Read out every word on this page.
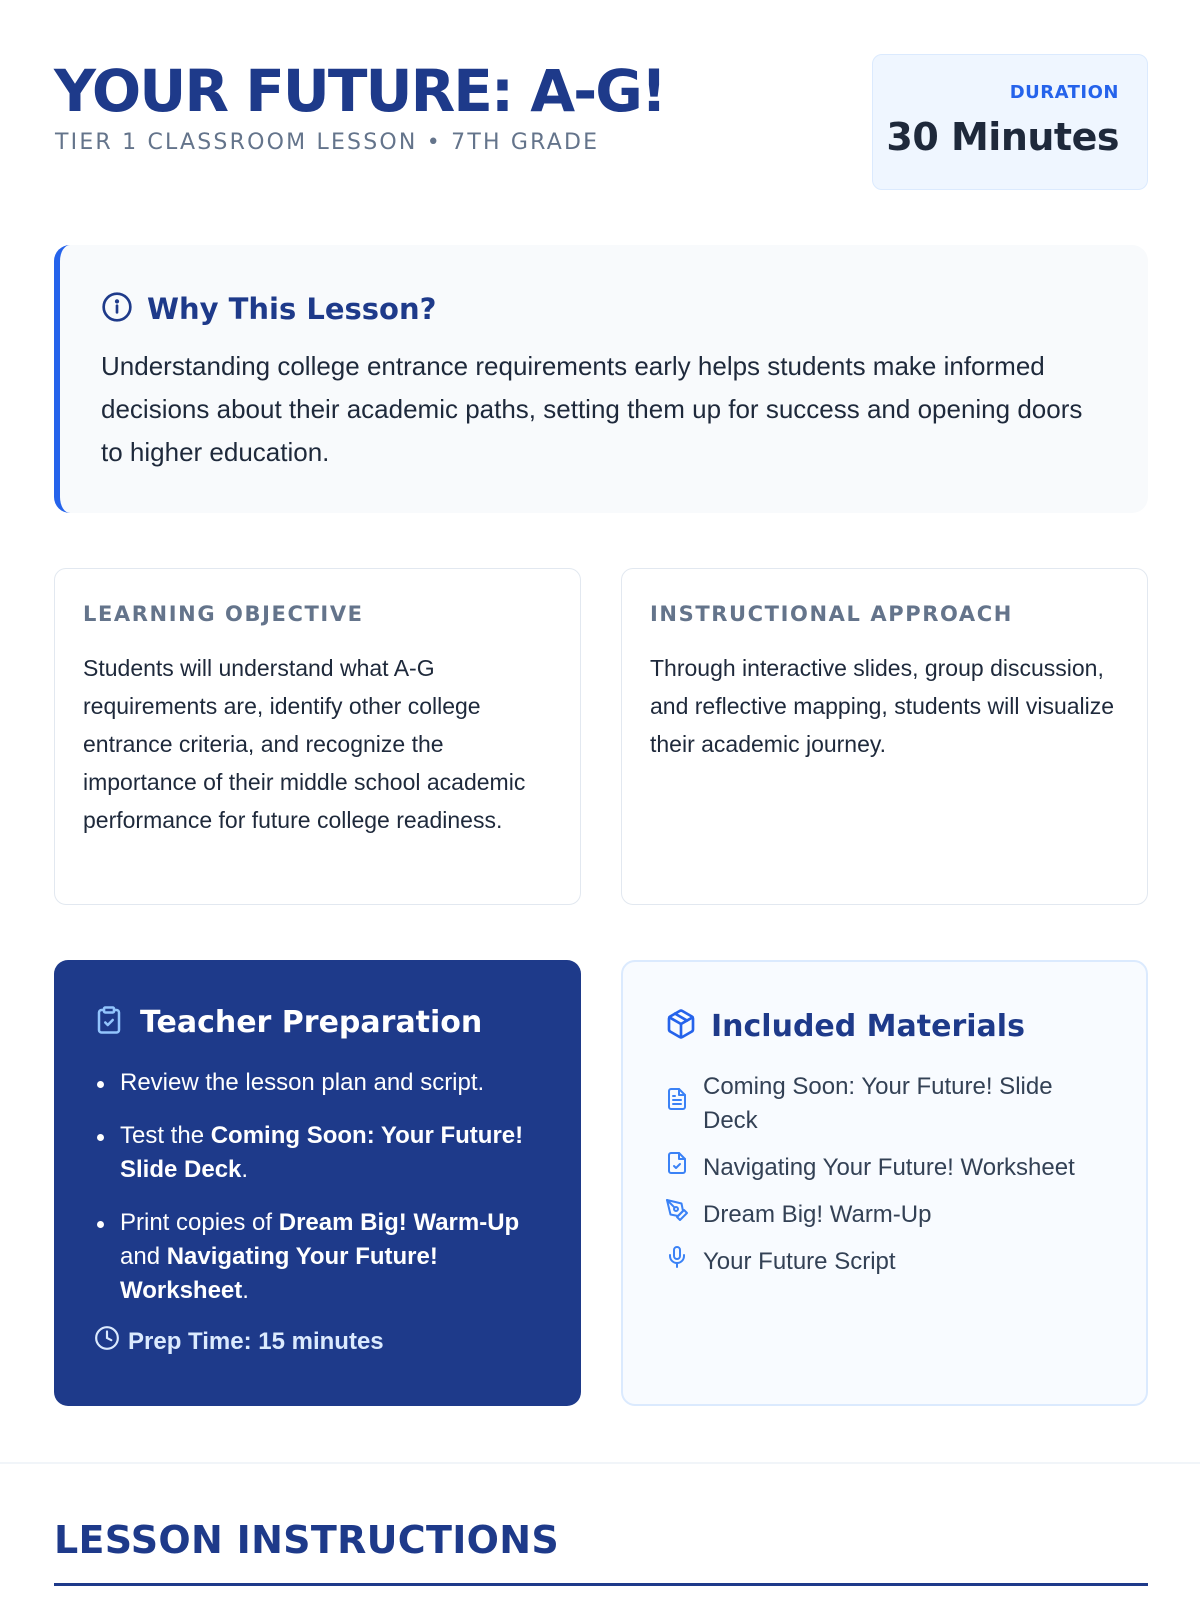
YOUR FUTURE: A-G!
TIER 1 CLASSROOM LESSON • 7TH GRADE
DURATION
30 Minutes
Why This Lesson?

Understanding college entrance requirements early helps students make informed decisions about their academic paths, setting them up for success and opening doors to higher education.

LEARNING OBJECTIVE

Students will understand what A-G requirements are, identify other college entrance criteria, and recognize the importance of their middle school academic performance for future college readiness.

INSTRUCTIONAL APPROACH

Through interactive slides, group discussion, and reflective mapping, students will visualize their academic journey.

Teacher Preparation
Review the lesson plan and script.
Test the Coming Soon: Your Future! Slide Deck.
Print copies of Dream Big! Warm-Up and Navigating Your Future! Worksheet.
Prep Time: 15 minutes
Included Materials
Coming Soon: Your Future! Slide Deck
Navigating Your Future! Worksheet
Dream Big! Warm-Up
Your Future Script
LESSON INSTRUCTIONS
